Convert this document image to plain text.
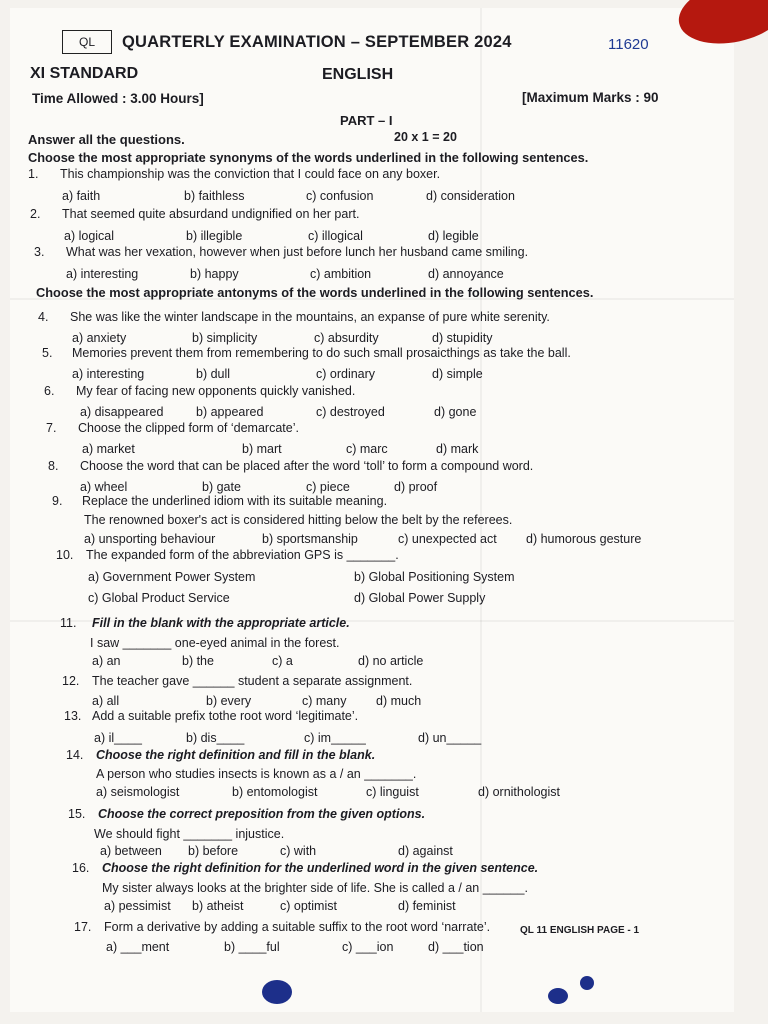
QL	QUARTERLY EXAMINATION – SEPTEMBER 2024	11620
XI STANDARD	ENGLISH
Time Allowed : 3.00 Hours]	[Maximum Marks : 90
PART – I
Answer all the questions.	20 x 1 = 20
Choose the most appropriate synonyms of the words underlined in the following sentences.
Choose the most appropriate antonyms of the words underlined in the following sentences.
1. This championship was the conviction that I could face on any boxer.
a) faith	b) faithless	c) confusion	d) consideration
2. That seemed quite absurdand undignified on her part.
a) logical	b) illegible	c) illogical	d) legible
3. What was her vexation, however when just before lunch her husband came smiling.
a) interesting	b) happy	c) ambition	d) annoyance
4. She was like the winter landscape in the mountains, an expanse of pure white serenity.
a) anxiety	b) simplicity	c) absurdity	d) stupidity
5. Memories prevent them from remembering to do such small prosaicthings as take the ball.
a) interesting	b) dull	c) ordinary	d) simple
6. My fear of facing new opponents quickly vanished.
a) disappeared	b) appeared	c) destroyed	d) gone
7. Choose the clipped form of ‘demarcate’.
a) market	b) mart	c) marc	d) mark
8. Choose the word that can be placed after the word ‘toll’ to form a compound word.
a) wheel	b) gate	c) piece	d) proof
9. Replace the underlined idiom with its suitable meaning.
The renowned boxer's act is considered hitting below the belt by the referees.
a) unsporting behaviour	b) sportsmanship	c) unexpected act d) humorous gesture
10. The expanded form of the abbreviation GPS is _______.
a) Government Power System	b) Global Positioning System
c) Global Product Service	d) Global Power Supply
11. Fill in the blank with the appropriate article.
I saw _______ one-eyed animal in the forest.
a) an	b) the	c) a	d) no article
12. The teacher gave ______ student a separate assignment.
a) all	b) every	c) many d) much
13. Add a suitable prefix tothe root word ‘legitimate’.
a) il____	b) dis____	c) im_____	d) un_____
14. Choose the right definition and fill in the blank.
A person who studies insects is known as a / an _______.
a) seismologist	b) entomologist	c) linguist	d) ornithologist
15. Choose the correct preposition from the given options.
We should fight _______ injustice.
a) between b) before	c) with	d) against
16. Choose the right definition for the underlined word in the given sentence.
My sister always looks at the brighter side of life. She is called a / an ______.
a) pessimist b) atheist	c) optimist	d) feminist
17. Form a derivative by adding a suitable suffix to the root word ‘narrate’.
a) ___ment	b) ____ful	c) ___ion	d) ___tion
QL 11 ENGLISH PAGE - 1
